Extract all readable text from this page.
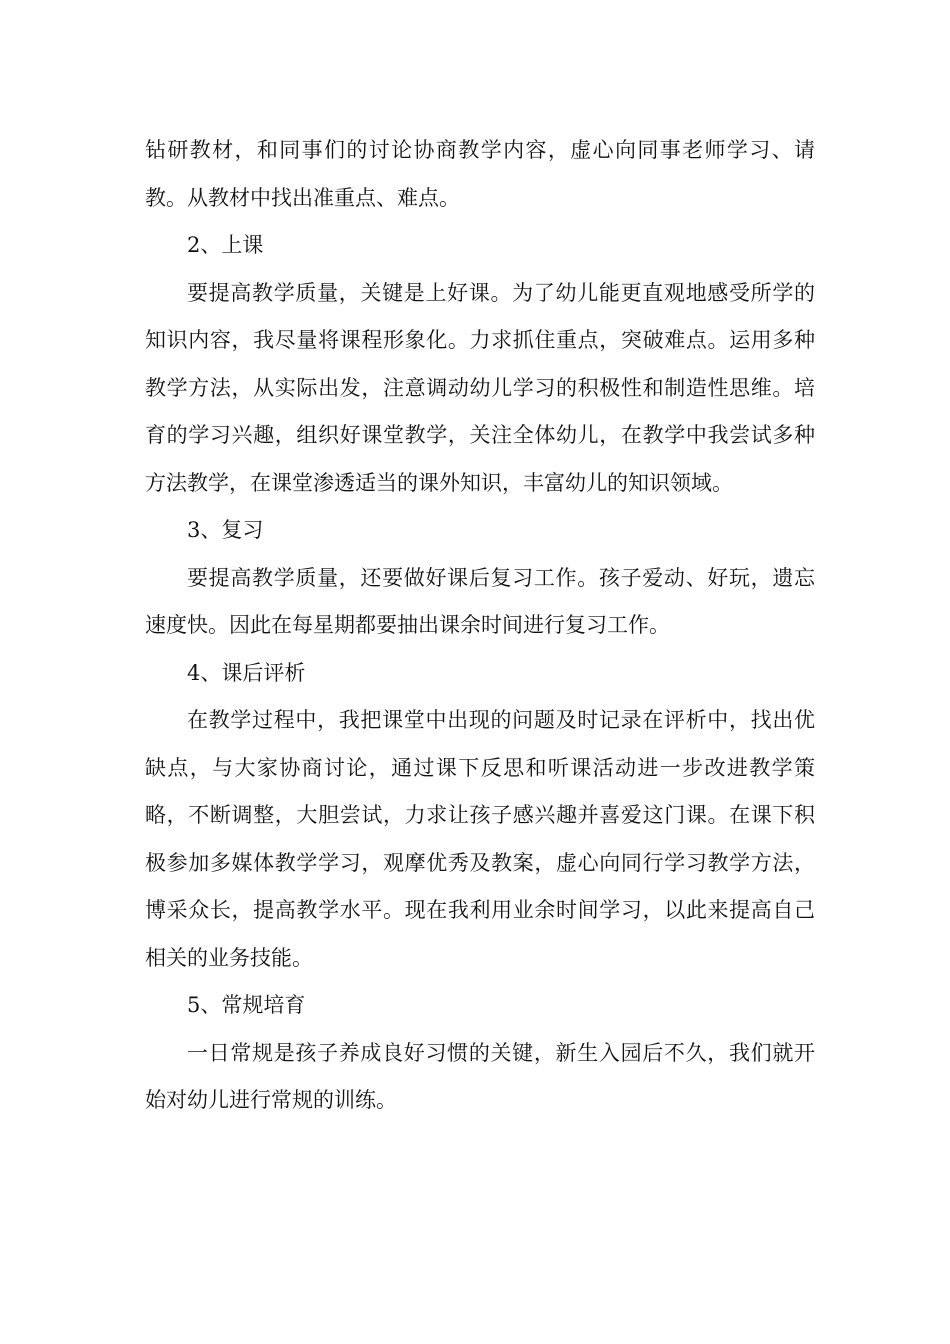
钻研教材，和同事们的讨论协商教学内容，虚心向同事老师学习、请教。从教材中找出准重点、难点。

2、上课

要提高教学质量，关键是上好课。为了幼儿能更直观地感受所学的知识内容，我尽量将课程形象化。力求抓住重点，突破难点。运用多种教学方法，从实际出发，注意调动幼儿学习的积极性和制造性思维。培育的学习兴趣，组织好课堂教学，关注全体幼儿，在教学中我尝试多种方法教学，在课堂渗透适当的课外知识，丰富幼儿的知识领域。

3、复习

要提高教学质量，还要做好课后复习工作。孩子爱动、好玩，遗忘速度快。因此在每星期都要抽出课余时间进行复习工作。

4、课后评析

在教学过程中，我把课堂中出现的问题及时记录在评析中，找出优缺点，与大家协商讨论，通过课下反思和听课活动进一步改进教学策略，不断调整，大胆尝试，力求让孩子感兴趣并喜爱这门课。在课下积极参加多媒体教学学习，观摩优秀及教案，虚心向同行学习教学方法，博采众长，提高教学水平。现在我利用业余时间学习，以此来提高自己相关的业务技能。

5、常规培育

一日常规是孩子养成良好习惯的关键，新生入园后不久，我们就开始对幼儿进行常规的训练。
